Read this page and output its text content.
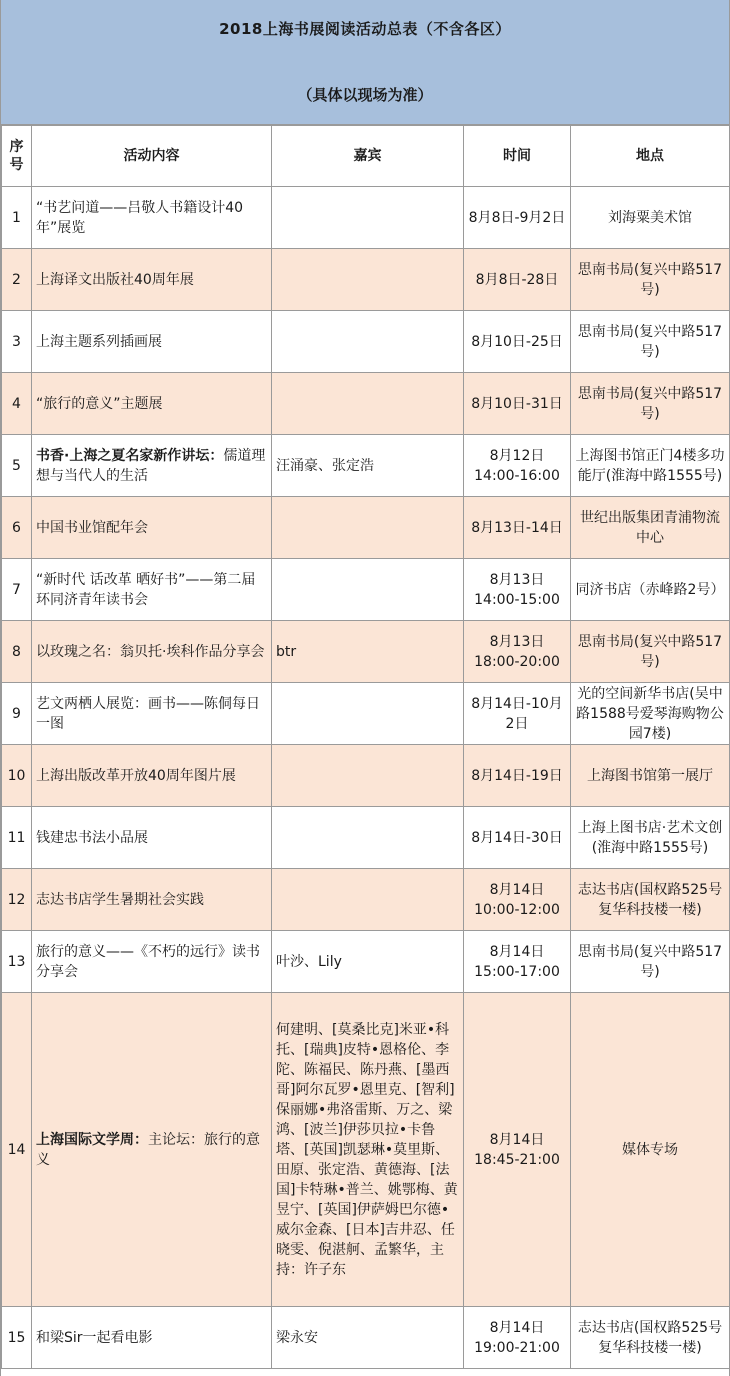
2018上海书展阅读活动总表（不含各区）
（具体以现场为准）
序
号	活动内容	嘉宾	时间	地点
1	“书艺问道——吕敬人书籍设计40年”展览		8月8日-9月2日	刘海粟美术馆
2	上海译文出版社40周年展		8月8日-28日	思南书局(复兴中路517号)
3	上海主题系列插画展		8月10日-25日	思南书局(复兴中路517号)
4	“旅行的意义”主题展		8月10日-31日	思南书局(复兴中路517号)
5	书香·上海之夏名家新作讲坛：儒道理想与当代人的生活	汪涌豪、张定浩	8月12日 14:00-16:00	上海图书馆正门4楼多功能厅(淮海中路1555号)
6	中国书业馆配年会		8月13日-14日	世纪出版集团青浦物流中心
7	“新时代 话改革 晒好书”——第二届环同济青年读书会		8月13日 14:00-15:00	同济书店（赤峰路2号）
8	以玫瑰之名：翁贝托·埃科作品分享会	btr	8月13日 18:00-20:00	思南书局(复兴中路517号)
9	艺文两栖人展览：画书——陈侗每日一图		8月14日-10月2日	光的空间新华书店(吴中路1588号爱琴海购物公园7楼)
10	上海出版改革开放40周年图片展		8月14日-19日	上海图书馆第一展厅
11	钱建忠书法小品展		8月14日-30日	上海上图书店·艺术文创(淮海中路1555号)
12	志达书店学生暑期社会实践		8月14日 10:00-12:00	志达书店(国权路525号复华科技楼一楼)
13	旅行的意义——《不朽的远行》读书分享会	叶沙、Lily	8月14日 15:00-17:00	思南书局(复兴中路517号)
14	上海国际文学周：主论坛：旅行的意义	何建明、[莫桑比克]米亚•科托、[瑞典]皮特•恩格伦、李陀、陈福民、陈丹燕、[墨西哥]阿尔瓦罗•恩里克、[智利]保丽娜•弗洛雷斯、万之、梁鸿、[波兰]伊莎贝拉•卡鲁塔、[英国]凯瑟琳•莫里斯、田原、张定浩、黄德海、[法国]卡特琳•普兰、姚鄂梅、黄昱宁、[英国]伊萨姆巴尔德•威尔金森、[日本]吉井忍、任晓雯、倪湛舸、孟繁华，主持：许子东	8月14日 18:45-21:00	媒体专场
15	和梁Sir一起看电影	梁永安	8月14日 19:00-21:00	志达书店(国权路525号复华科技楼一楼)
